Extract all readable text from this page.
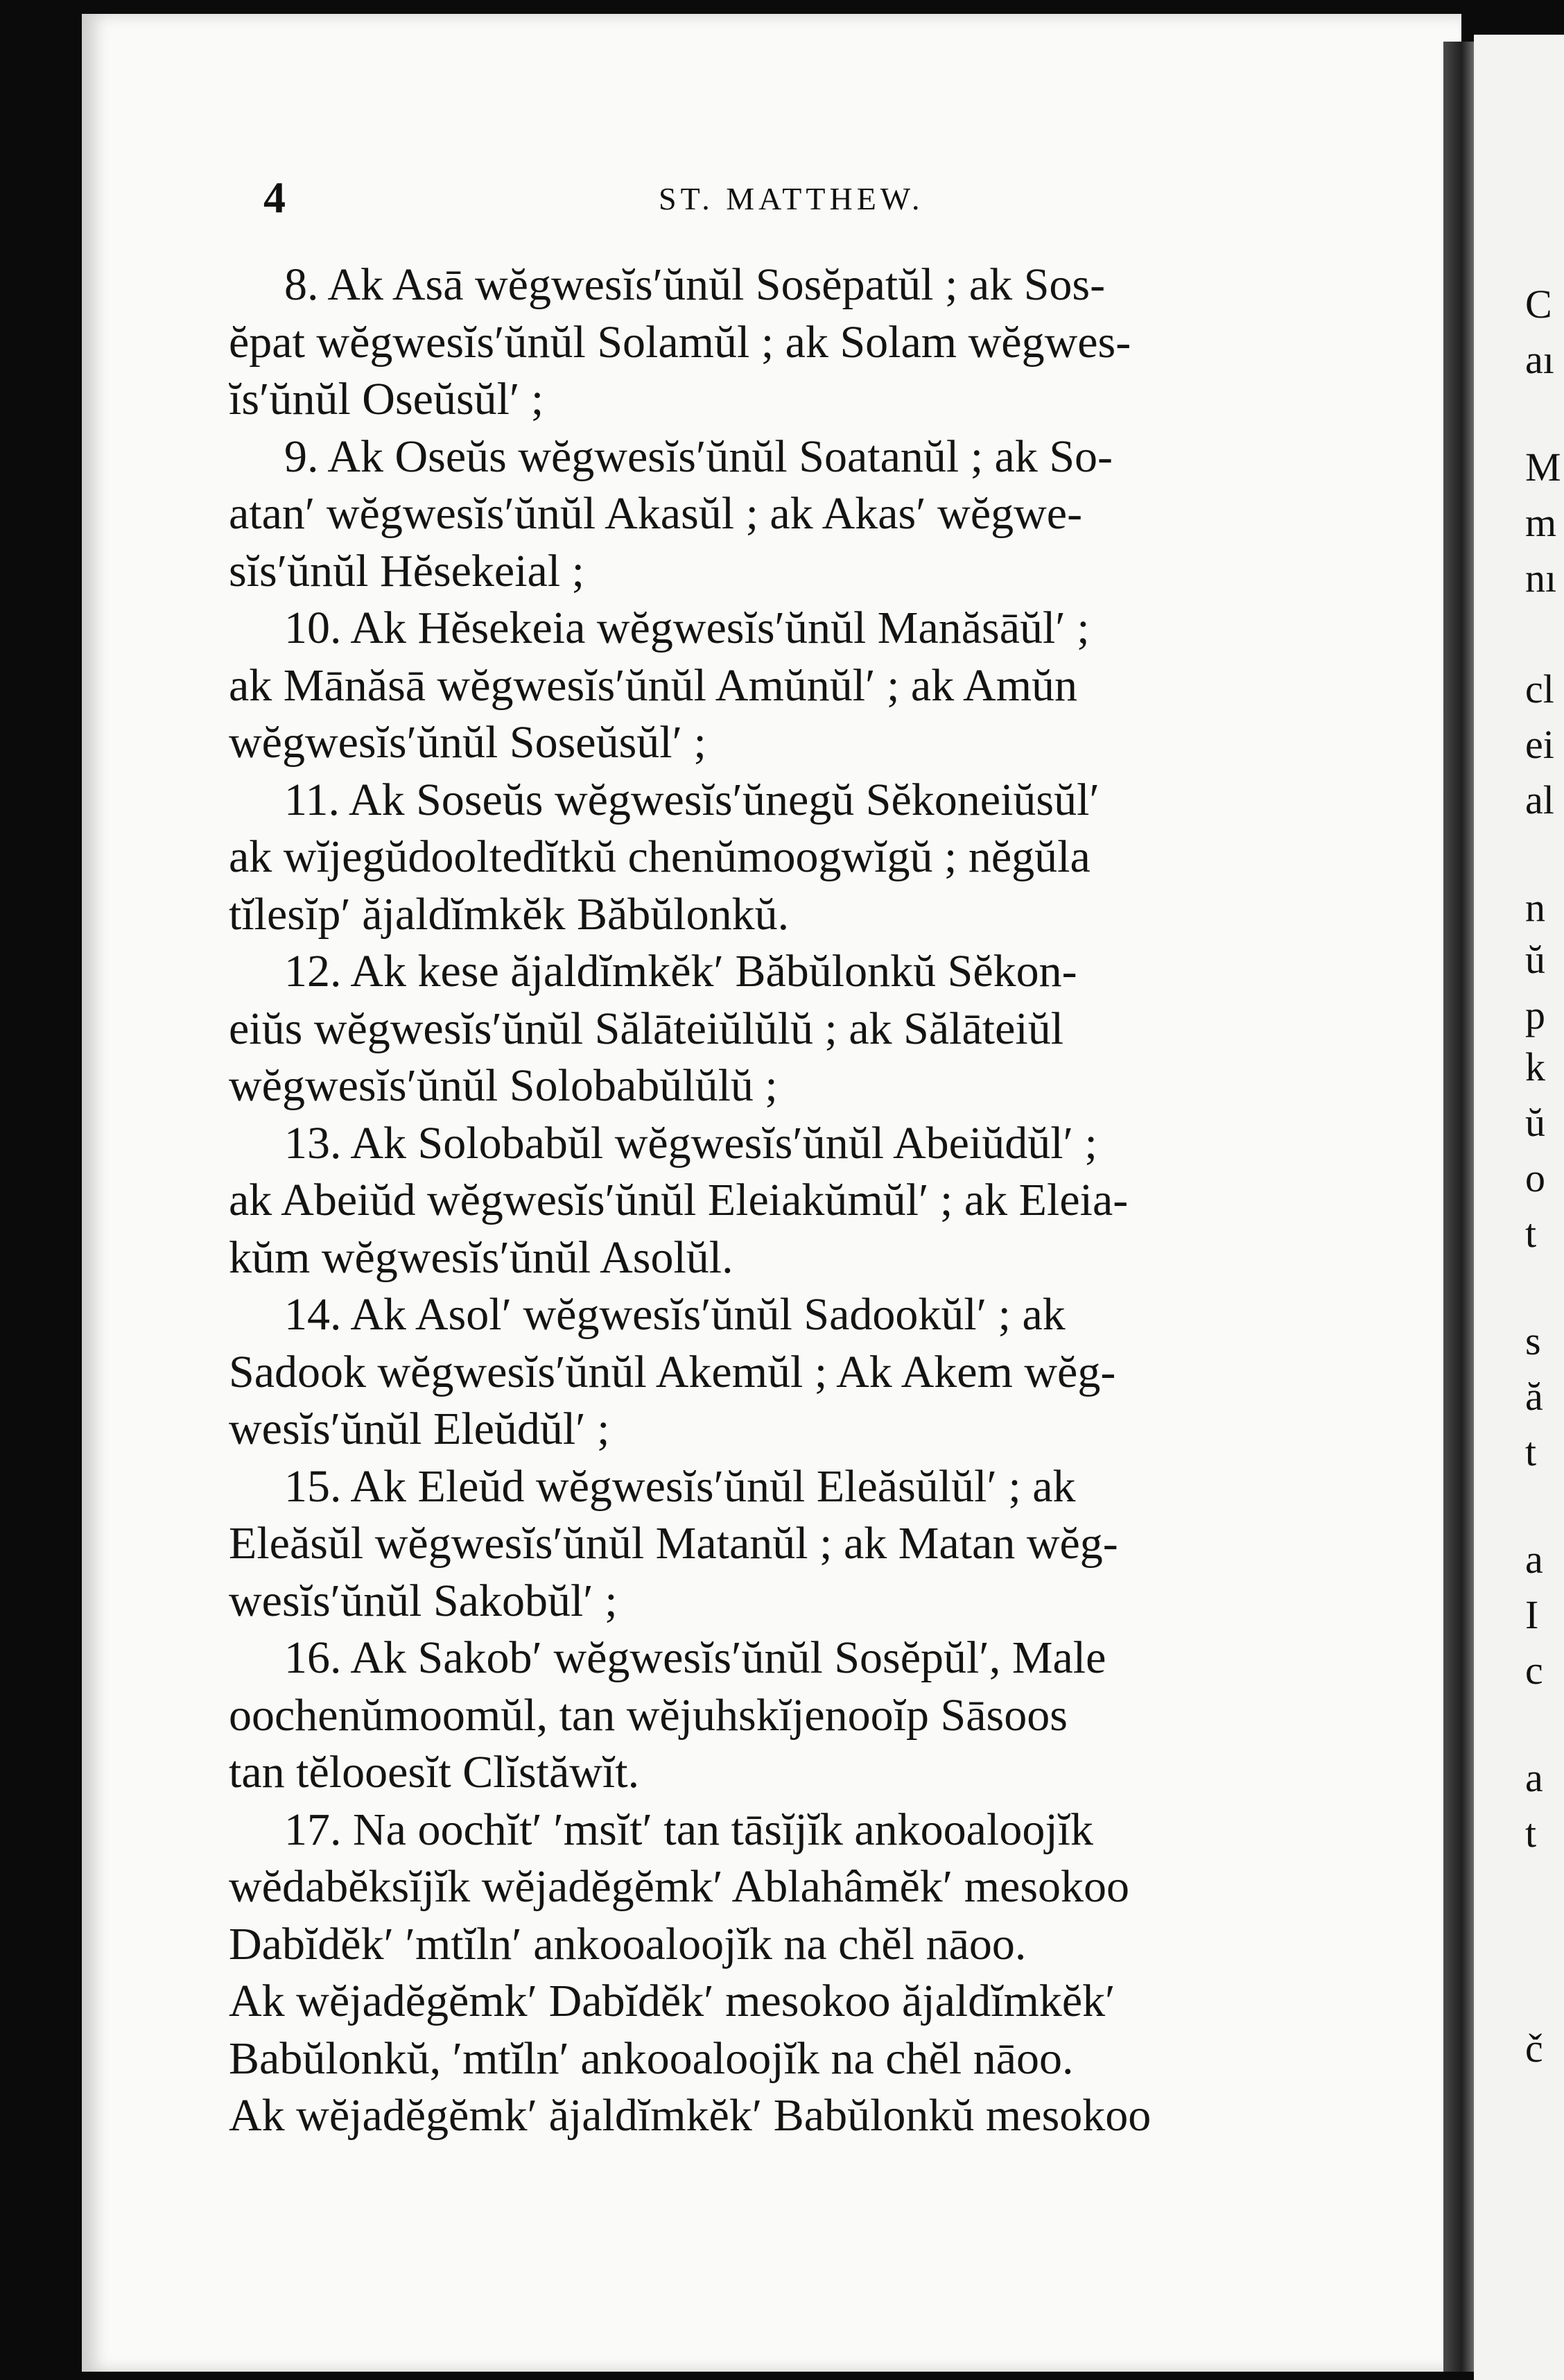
C
aı
M
m
nı
cl
ei
al
n
ŭ
p
k
ŭ
o
t
s
ă
t
a
I
c
a
t
č
4	ST. MATTHEW.

8. Ak Asā wĕgwesĭs′ŭnŭl Sosĕpatŭl ; ak Sos-
ĕpat wĕgwesĭs′ŭnŭl Solamŭl ; ak Solam wĕgwes-
ĭs′ŭnŭl Oseŭsŭl′ ;

9. Ak Oseŭs wĕgwesĭs′ŭnŭl Soatanŭl ; ak So-
atan′ wĕgwesĭs′ŭnŭl Akasŭl ; ak Akas′ wĕgwe-
sĭs′ŭnŭl Hĕsekeial ;

10. Ak Hĕsekeia wĕgwesĭs′ŭnŭl Manăsāŭl′ ;
ak Mānăsā wĕgwesĭs′ŭnŭl Amŭnŭl′ ; ak Amŭn
wĕgwesĭs′ŭnŭl Soseŭsŭl′ ;

11. Ak Soseŭs wĕgwesĭs′ŭnegŭ Sĕkoneiŭsŭl′
ak wĭjegŭdooltedĭtkŭ chenŭmoogwĭgŭ ; nĕgŭla
tĭlesĭp′ ăjaldĭmkĕk Băbŭlonkŭ.

12. Ak kese ăjaldĭmkĕk′ Băbŭlonkŭ Sĕkon-
eiŭs wĕgwesĭs′ŭnŭl Sălāteiŭlŭlŭ ; ak Sălāteiŭl
wĕgwesĭs′ŭnŭl Solobabŭlŭlŭ ;

13. Ak Solobabŭl wĕgwesĭs′ŭnŭl Abeiŭdŭl′ ;
ak Abeiŭd wĕgwesĭs′ŭnŭl Eleiakŭmŭl′ ; ak Eleia-
kŭm wĕgwesĭs′ŭnŭl Asolŭl.

14. Ak Asol′ wĕgwesĭs′ŭnŭl Sadookŭl′ ; ak
Sadook wĕgwesĭs′ŭnŭl Akemŭl ; Ak Akem wĕg-
wesĭs′ŭnŭl Eleŭdŭl′ ;

15. Ak Eleŭd wĕgwesĭs′ŭnŭl Eleăsŭlŭl′ ; ak
Eleăsŭl wĕgwesĭs′ŭnŭl Matanŭl ; ak Matan wĕg-
wesĭs′ŭnŭl Sakobŭl′ ;

16. Ak Sakob′ wĕgwesĭs′ŭnŭl Sosĕpŭl′, Male
oochenŭmoomŭl, tan wĕjuhskĭjenooĭp Sāsoos
tan tĕlooesĭt Clĭstăwĭt.

17. Na oochĭt′ ′msĭt′ tan tāsĭjĭk ankooaloojĭk
wĕdabĕksĭjĭk wĕjadĕgĕmk′ Ablahâmĕk′ mesokoo
Dabĭdĕk′ ′mtĭln′ ankooaloojĭk na chĕl nāoo.
Ak wĕjadĕgĕmk′ Dabĭdĕk′ mesokoo ăjaldĭmkĕk′
Babŭlonkŭ, ′mtĭln′ ankooaloojĭk na chĕl nāoo.
Ak wĕjadĕgĕmk′ ăjaldĭmkĕk′ Babŭlonkŭ mesokoo
